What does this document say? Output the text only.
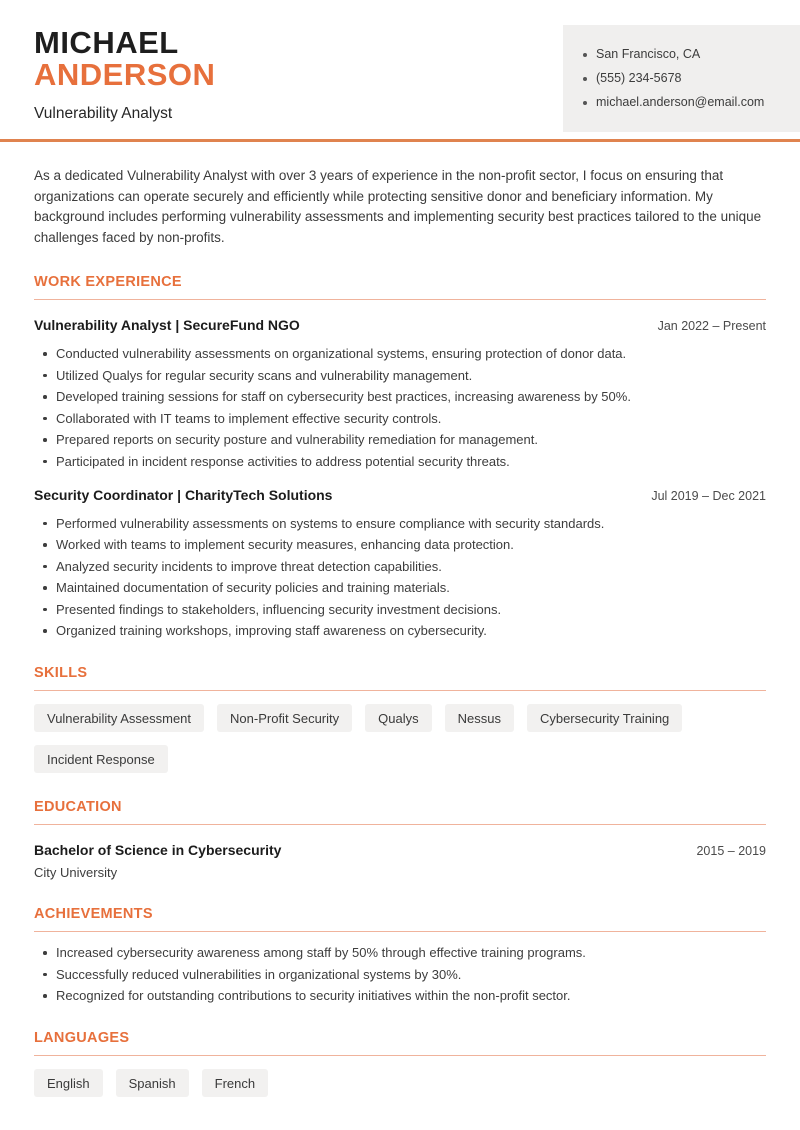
MICHAEL
ANDERSON
Vulnerability Analyst
San Francisco, CA
(555) 234-5678
michael.anderson@email.com

As a dedicated Vulnerability Analyst with over 3 years of experience in the non-profit sector, I focus on ensuring that organizations can operate securely and efficiently while protecting sensitive donor and beneficiary information. My background includes performing vulnerability assessments and implementing security best practices tailored to the unique challenges faced by non-profits.

WORK EXPERIENCE
Vulnerability Analyst | SecureFund NGO	Jan 2022 – Present
Conducted vulnerability assessments on organizational systems, ensuring protection of donor data.
Utilized Qualys for regular security scans and vulnerability management.
Developed training sessions for staff on cybersecurity best practices, increasing awareness by 50%.
Collaborated with IT teams to implement effective security controls.
Prepared reports on security posture and vulnerability remediation for management.
Participated in incident response activities to address potential security threats.
Security Coordinator | CharityTech Solutions	Jul 2019 – Dec 2021
Performed vulnerability assessments on systems to ensure compliance with security standards.
Worked with teams to implement security measures, enhancing data protection.
Analyzed security incidents to improve threat detection capabilities.
Maintained documentation of security policies and training materials.
Presented findings to stakeholders, influencing security investment decisions.
Organized training workshops, improving staff awareness on cybersecurity.
SKILLS
Vulnerability Assessment	Non-Profit Security	Qualys	Nessus	Cybersecurity Training
Incident Response
EDUCATION
Bachelor of Science in Cybersecurity	2015 – 2019
City University
ACHIEVEMENTS
Increased cybersecurity awareness among staff by 50% through effective training programs.
Successfully reduced vulnerabilities in organizational systems by 30%.
Recognized for outstanding contributions to security initiatives within the non-profit sector.
LANGUAGES
English	Spanish	French
